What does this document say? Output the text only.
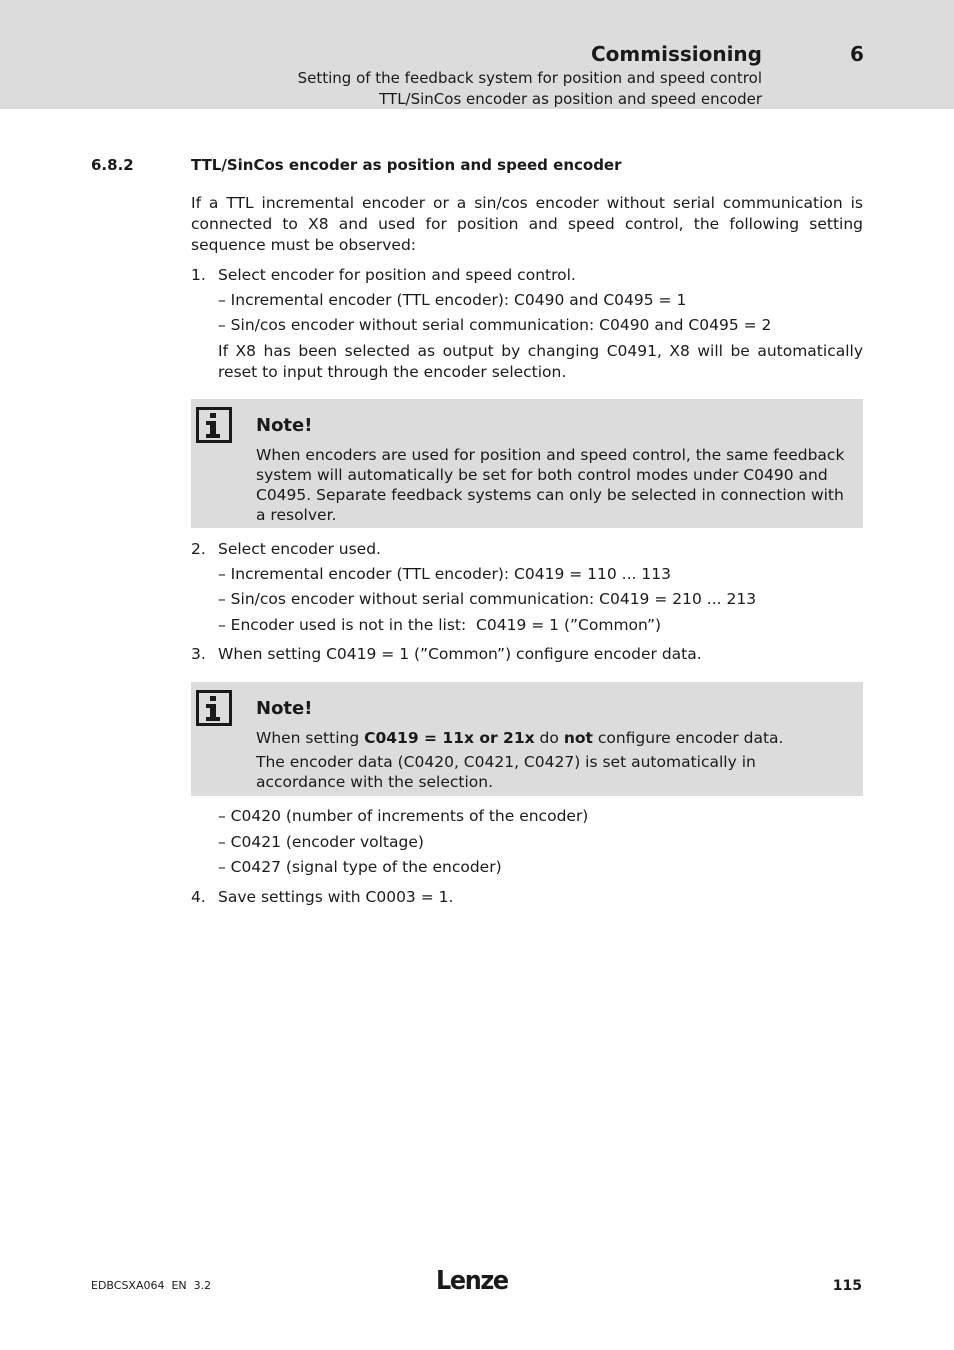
Commissioning	6
Setting of the feedback system for position and speed control
TTL/SinCos encoder as position and speed encoder
6.8.2	TTL/SinCos encoder as position and speed encoder
If a TTL incremental encoder or a sin/cos encoder without serial communication is connected to X8 and used for position and speed control, the following setting sequence must be observed:
1. Select encoder for position and speed control.
– Incremental encoder (TTL encoder): C0490 and C0495 = 1
– Sin/cos encoder without serial communication: C0490 and C0495 = 2
If X8 has been selected as output by changing C0491, X8 will be automatically reset to input through the encoder selection.
Note!
When encoders are used for position and speed control, the same feedback system will automatically be set for both control modes under C0490 and C0495. Separate feedback systems can only be selected in connection with a resolver.
2. Select encoder used.
– Incremental encoder (TTL encoder): C0419 = 110 ... 113
– Sin/cos encoder without serial communication: C0419 = 210 ... 213
– Encoder used is not in the list:  C0419 = 1 (”Common”)
3. When setting C0419 = 1 (”Common”) configure encoder data.
Note!
When setting C0419 = 11x or 21x do not configure encoder data.
The encoder data (C0420, C0421, C0427) is set automatically in accordance with the selection.
– C0420 (number of increments of the encoder)
– C0421 (encoder voltage)
– C0427 (signal type of the encoder)
4. Save settings with C0003 = 1.
EDBCSXA064  EN  3.2	Lenze	115
